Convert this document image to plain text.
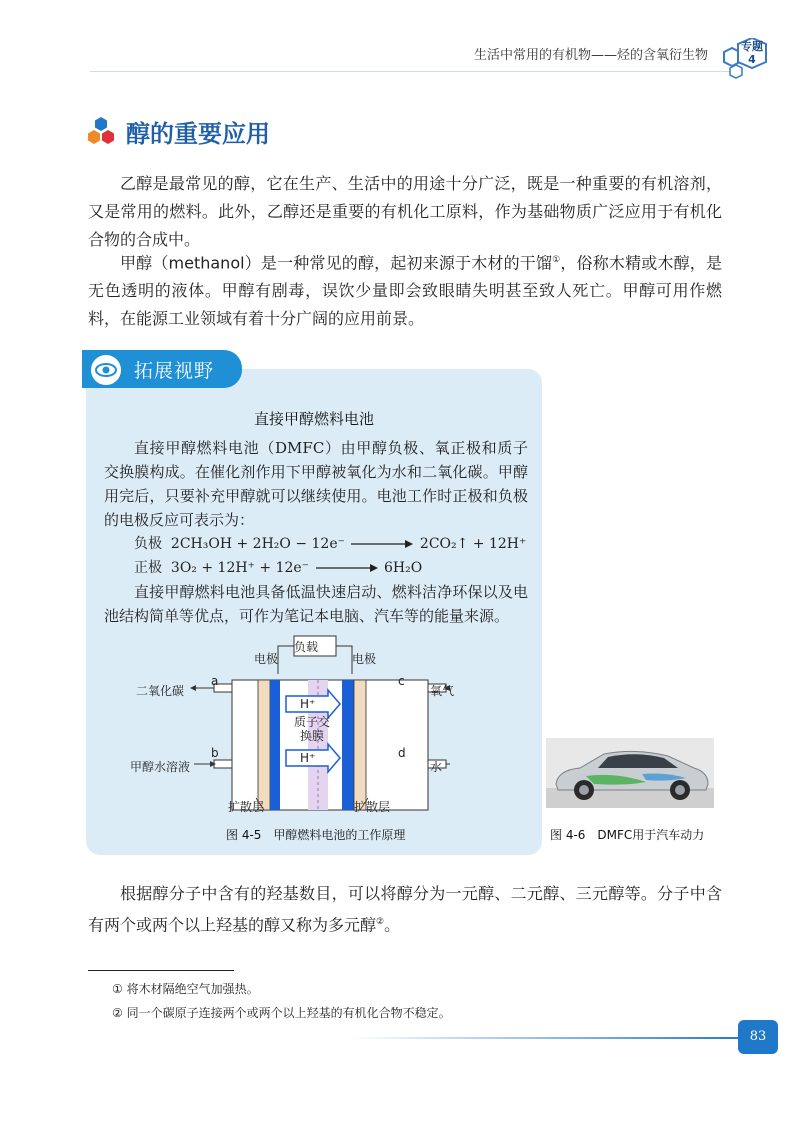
生活中常用的有机物——烃的含氧衍生物
专题
4
醇的重要应用
乙醇是最常见的醇，它在生产、生活中的用途十分广泛，既是一种重要的有机溶剂，又是常用的燃料。此外，乙醇还是重要的有机化工原料，作为基础物质广泛应用于有机化合物的合成中。
甲醇（methanol）是一种常见的醇，起初来源于木材的干馏①，俗称木精或木醇，是无色透明的液体。甲醇有剧毒，误饮少量即会致眼睛失明甚至致人死亡。甲醇可用作燃料，在能源工业领域有着十分广阔的应用前景。
拓展视野
直接甲醇燃料电池
直接甲醇燃料电池（DMFC）由甲醇负极、氧正极和质子交换膜构成。在催化剂作用下甲醇被氧化为水和二氧化碳。甲醇用完后，只要补充甲醇就可以继续使用。电池工作时正极和负极的电极反应可表示为：
负极 2CH₃OH + 2H₂O − 12e⁻	2CO₂↑ + 12H⁺
正极 3O₂ + 12H⁺ + 12e⁻	6H₂O
直接甲醇燃料电池具备低温快速启动、燃料洁净环保以及电池结构简单等优点，可作为笔记本电脑、汽车等的能量来源。
负载
电极	电极
二氧化碳	氧气
甲醇水溶液	水
a
b
c
d
H⁺
H⁺
质子交换膜
扩散层	扩散层
图 4-5　甲醇燃料电池的工作原理	图 4-6　DMFC用于汽车动力
根据醇分子中含有的羟基数目，可以将醇分为一元醇、二元醇、三元醇等。分子中含有两个或两个以上羟基的醇又称为多元醇②。
① 将木材隔绝空气加强热。
② 同一个碳原子连接两个或两个以上羟基的有机化合物不稳定。
83
